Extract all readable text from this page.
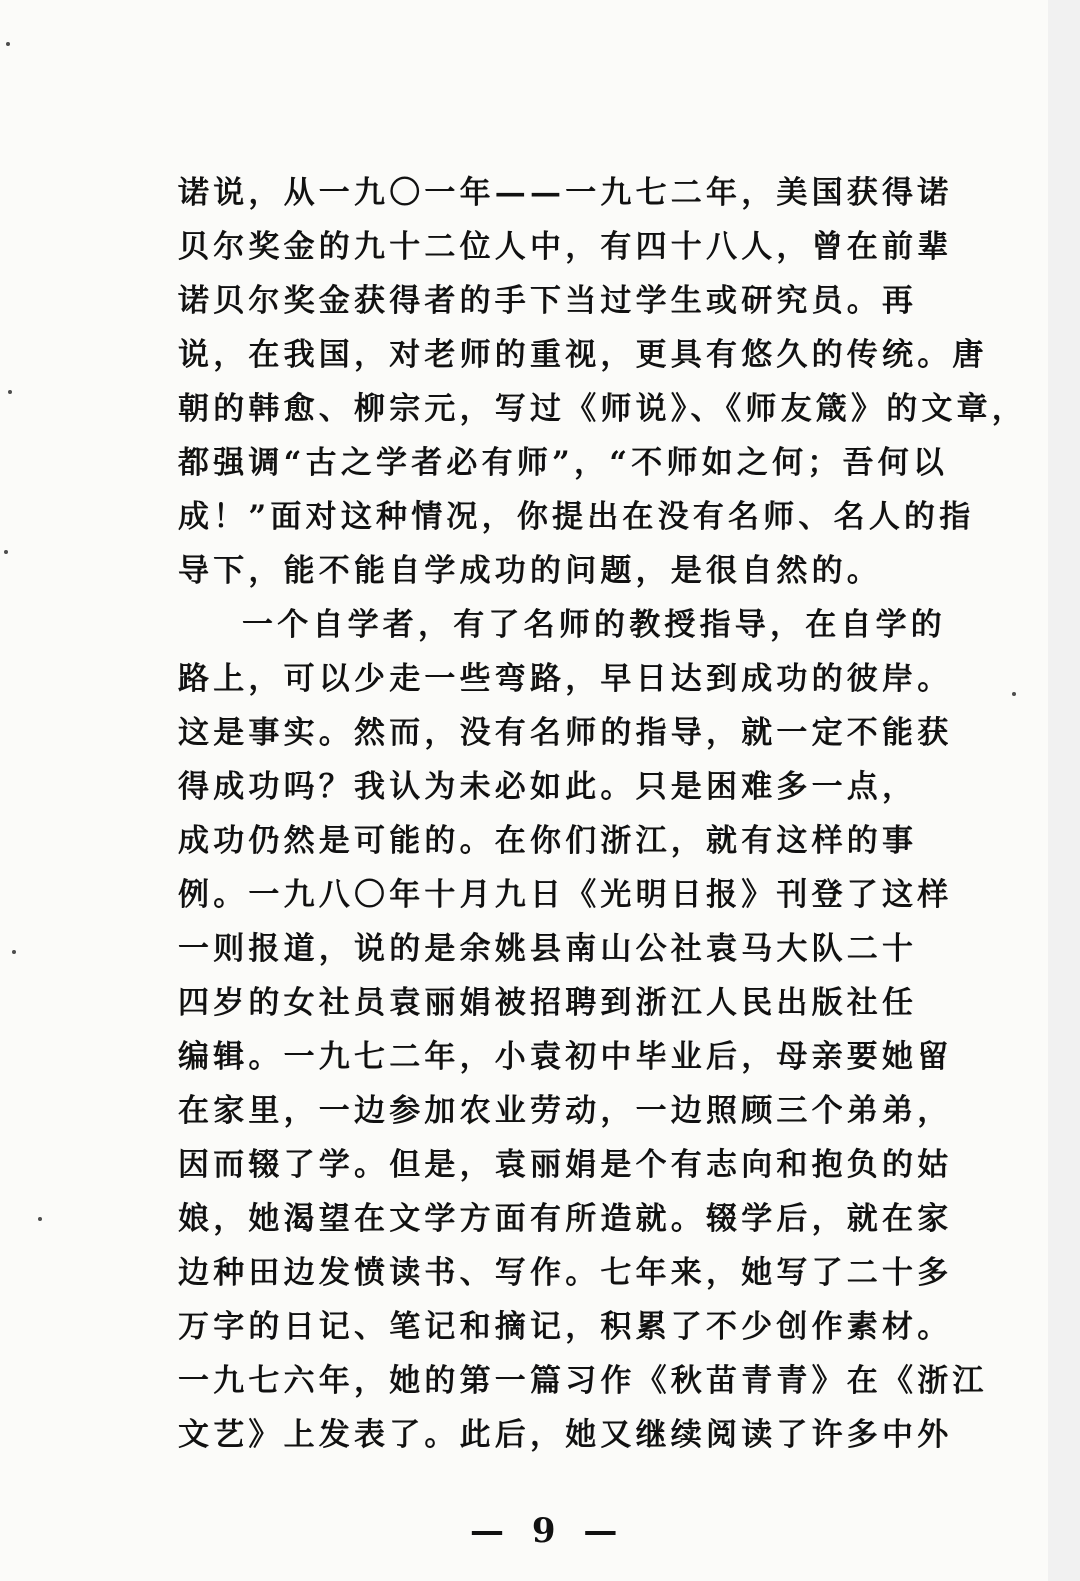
诺说，从一九〇一年——一九七二年，美国获得诺
贝尔奖金的九十二位人中，有四十八人，曾在前辈
诺贝尔奖金获得者的手下当过学生或研究员。再
说，在我国，对老师的重视，更具有悠久的传统。唐
朝的韩愈、柳宗元，写过《师说》、《师友箴》的文章，
都强调“古之学者必有师”，“不师如之何；吾何以
成！”面对这种情况，你提出在没有名师、名人的指
导下，能不能自学成功的问题，是很自然的。
一个自学者，有了名师的教授指导，在自学的
路上，可以少走一些弯路，早日达到成功的彼岸。
这是事实。然而，没有名师的指导，就一定不能获
得成功吗？我认为未必如此。只是困难多一点，
成功仍然是可能的。在你们浙江，就有这样的事
例。一九八〇年十月九日《光明日报》刊登了这样
一则报道，说的是余姚县南山公社袁马大队二十
四岁的女社员袁丽娟被招聘到浙江人民出版社任
编辑。一九七二年，小袁初中毕业后，母亲要她留
在家里，一边参加农业劳动，一边照顾三个弟弟，
因而辍了学。但是，袁丽娟是个有志向和抱负的姑
娘，她渴望在文学方面有所造就。辍学后，就在家
边种田边发愤读书、写作。七年来，她写了二十多
万字的日记、笔记和摘记，积累了不少创作素材。
一九七六年，她的第一篇习作《秋苗青青》在《浙江
文艺》上发表了。此后，她又继续阅读了许多中外
— 9 —
